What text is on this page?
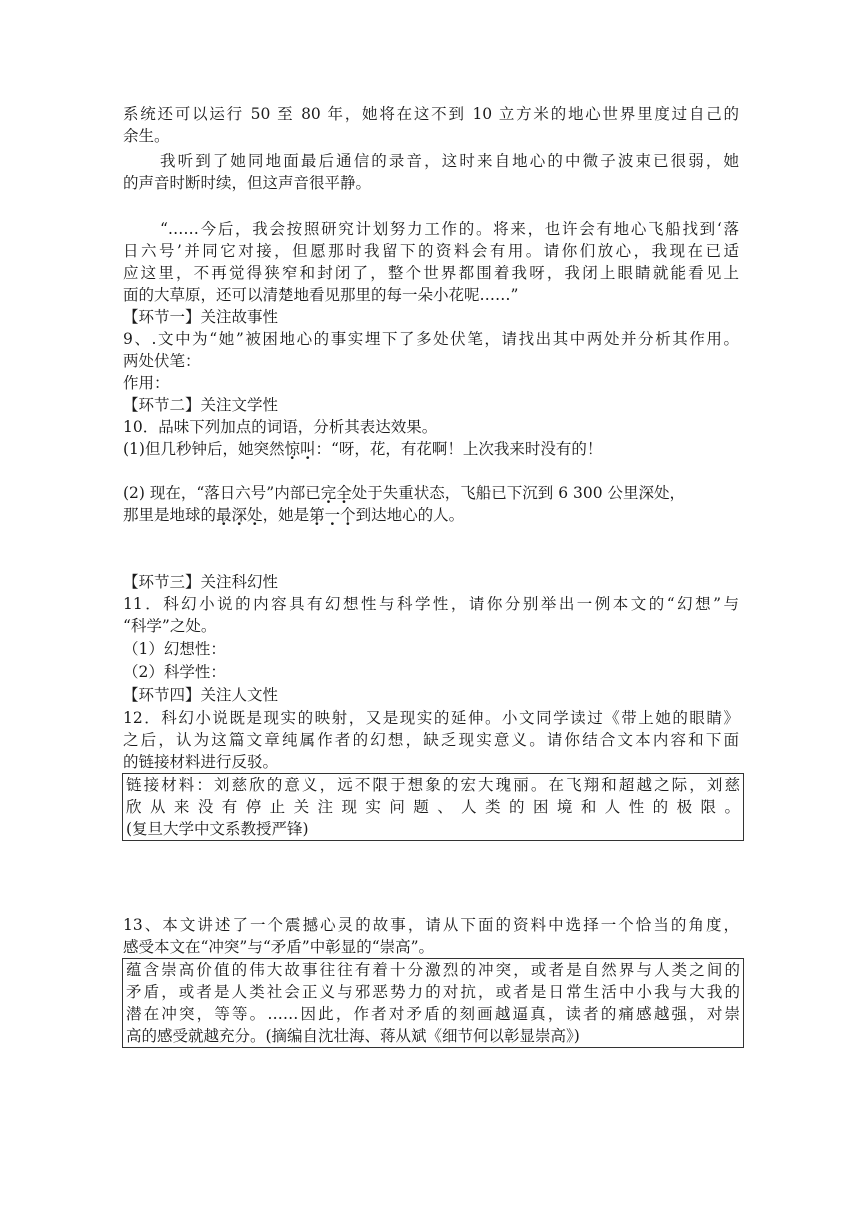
系统还可以运行 50 至 80 年，她将在这不到 10 立方米的地心世界里度过自己的
余生。
我听到了她同地面最后通信的录音，这时来自地心的中微子波束已很弱，她
的声音时断时续，但这声音很平静。
“……今后，我会按照研究计划努力工作的。将来，也许会有地心飞船找到‘落
日六号’并同它对接，但愿那时我留下的资料会有用。请你们放心，我现在已适
应这里，不再觉得狭窄和封闭了，整个世界都围着我呀，我闭上眼睛就能看见上
面的大草原，还可以清楚地看见那里的每一朵小花呢……”
【环节一】关注故事性
9、.文中为“她”被困地心的事实埋下了多处伏笔，请找出其中两处并分析其作用。
两处伏笔：
作用：
【环节二】关注文学性
10．品味下列加点的词语，分析其表达效果。
(1)但几秒钟后，她突然惊叫：“呀，花，有花啊！上次我来时没有的！
(2) 现在，“落日六号”内部已完全处于失重状态，飞船已下沉到 6 300 公里深处，
那里是地球的最深处，她是第一个到达地心的人。
【环节三】关注科幻性
11．科幻小说的内容具有幻想性与科学性，请你分别举出一例本文的“幻想”与
“科学”之处。
（1）幻想性：
（2）科学性：
【环节四】关注人文性
12．科幻小说既是现实的映射，又是现实的延伸。小文同学读过《带上她的眼睛》
之后，认为这篇文章纯属作者的幻想，缺乏现实意义。请你结合文本内容和下面
的链接材料进行反驳。
链接材料：刘慈欣的意义，远不限于想象的宏大瑰丽。在飞翔和超越之际，刘慈
欣从来没有停止关注现实问题、人类的困境和人性的极限。
(复旦大学中文系教授严锋)
13、本文讲述了一个震撼心灵的故事，请从下面的资料中选择一个恰当的角度，
感受本文在“冲突”与“矛盾”中彰显的“崇高”。
蕴含崇高价值的伟大故事往往有着十分激烈的冲突，或者是自然界与人类之间的
矛盾，或者是人类社会正义与邪恶势力的对抗，或者是日常生活中小我与大我的
潜在冲突，等等。……因此，作者对矛盾的刻画越逼真，读者的痛感越强，对崇
高的感受就越充分。(摘编自沈壮海、蒋从斌《细节何以彰显崇高》)
